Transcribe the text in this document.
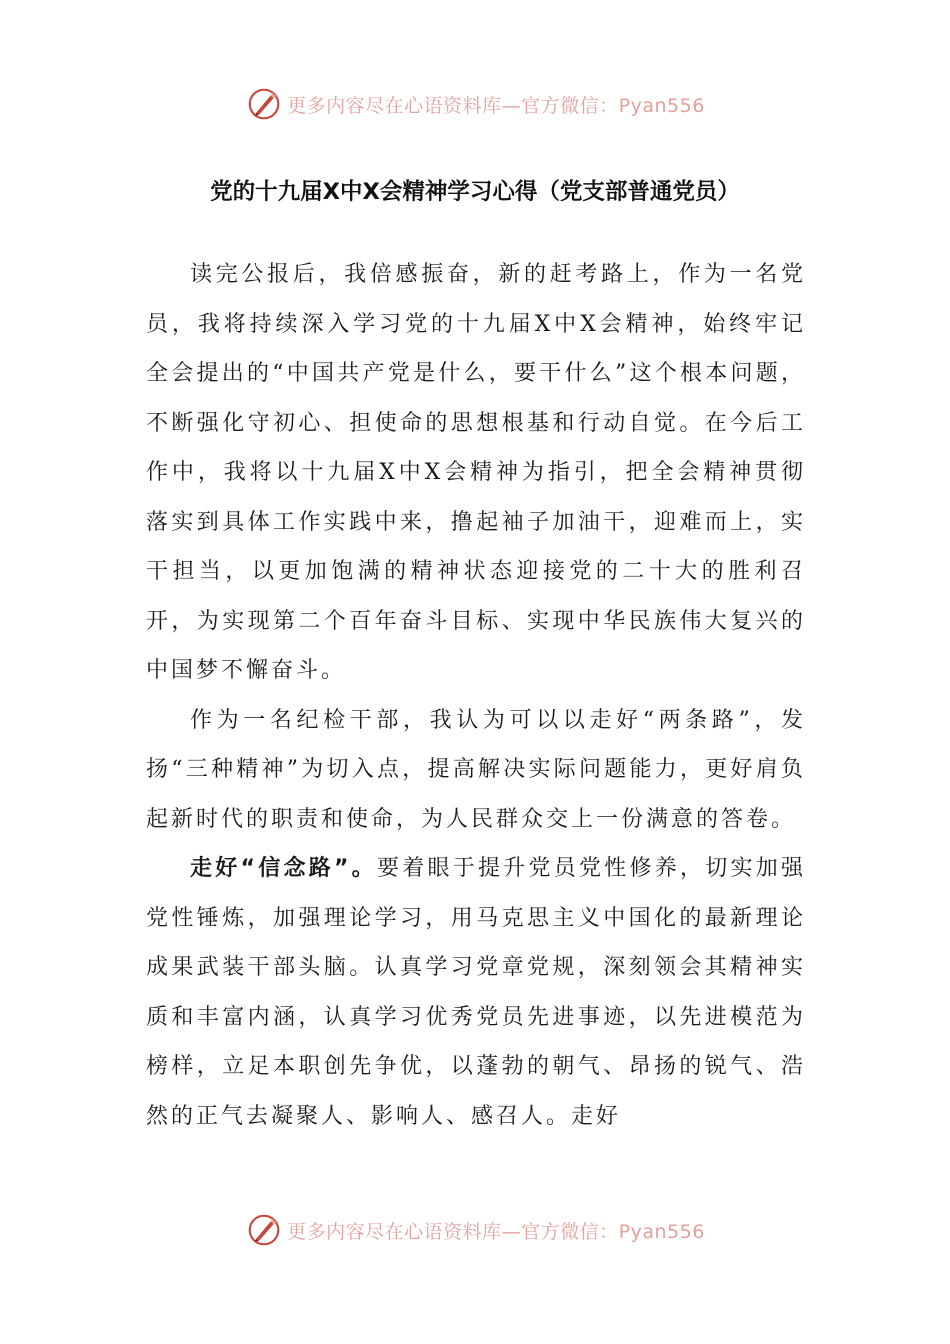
更多内容尽在心语资料库—官方微信：Pyan556
党的十九届X中X会精神学习心得（党支部普通党员）

读完公报后，我倍感振奋，新的赶考路上，作为一名党员，我将持续深入学习党的十九届X中X会精神，始终牢记全会提出的“中国共产党是什么，要干什么”这个根本问题，不断强化守初心、担使命的思想根基和行动自觉。在今后工作中，我将以十九届X中X会精神为指引，把全会精神贯彻落实到具体工作实践中来，撸起袖子加油干，迎难而上，实干担当，以更加饱满的精神状态迎接党的二十大的胜利召开，为实现第二个百年奋斗目标、实现中华民族伟大复兴的中国梦不懈奋斗。

作为一名纪检干部，我认为可以以走好“两条路”，发扬“三种精神”为切入点，提高解决实际问题能力，更好肩负起新时代的职责和使命，为人民群众交上一份满意的答卷。

走好“信念路”。要着眼于提升党员党性修养，切实加强党性锤炼，加强理论学习，用马克思主义中国化的最新理论成果武装干部头脑。认真学习党章党规，深刻领会其精神实质和丰富内涵，认真学习优秀党员先进事迹，以先进模范为榜样，立足本职创先争优，以蓬勃的朝气、昂扬的锐气、浩然的正气去凝聚人、影响人、感召人。走好

更多内容尽在心语资料库—官方微信：Pyan556
